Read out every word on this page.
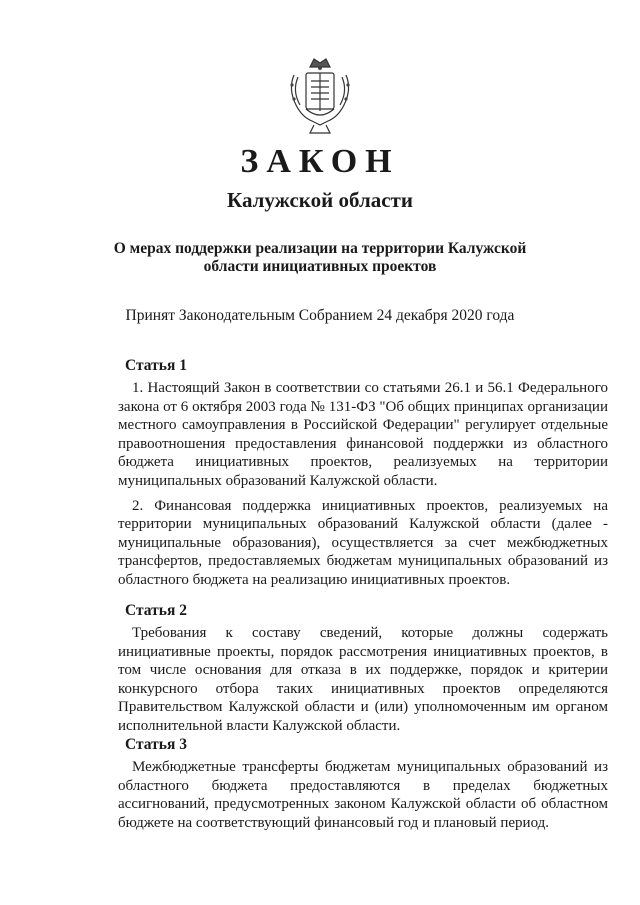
ЗАКОН
Калужской области
О мерах поддержки реализации на территории Калужской области инициативных проектов
Принят Законодательным Собранием 24 декабря 2020 года
Статья 1

1. Настоящий Закон в соответствии со статьями 26.1 и 56.1 Федерального закона от 6 октября 2003 года № 131-ФЗ "Об общих принципах организации местного самоуправления в Российской Федерации" регулирует отдельные правоотношения предоставления финансовой поддержки из областного бюджета инициативных проектов, реализуемых на территории муниципальных образований Калужской области.

2. Финансовая поддержка инициативных проектов, реализуемых на территории муниципальных образований Калужской области (далее - муниципальные образования), осуществляется за счет межбюджетных трансфертов, предоставляемых бюджетам муниципальных образований из областного бюджета на реализацию инициативных проектов.

Статья 2

Требования к составу сведений, которые должны содержать инициативные проекты, порядок рассмотрения инициативных проектов, в том числе основания для отказа в их поддержке, порядок и критерии конкурсного отбора таких инициативных проектов определяются Правительством Калужской области и (или) уполномоченным им органом исполнительной власти Калужской области.

Статья 3

Межбюджетные трансферты бюджетам муниципальных образований из областного бюджета предоставляются в пределах бюджетных ассигнований, предусмотренных законом Калужской области об областном бюджете на соответствующий финансовый год и плановый период.
